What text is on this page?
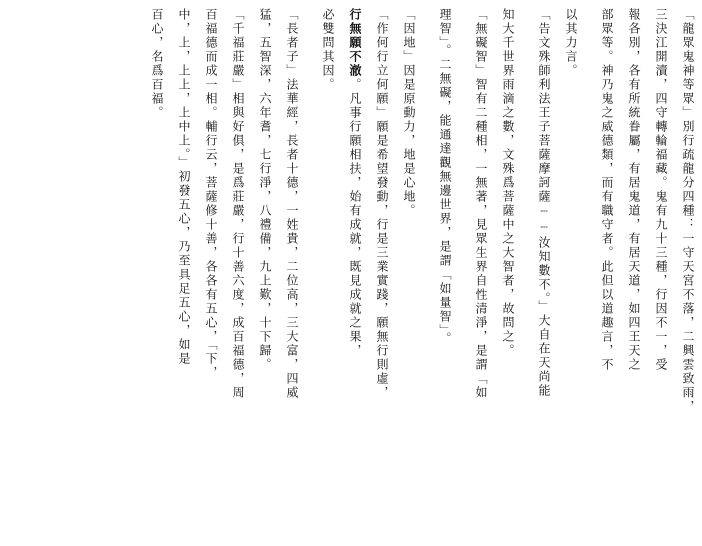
「龍眾鬼神等眾」別行疏龍分四種：一守天宮不落，二興雲致雨，
三決江開瀆，四守轉輪福藏。鬼有九十三種，行因不一，受
報各別，各有所統眷屬，有居鬼道，有居天道，如四王天之
部眾等。神乃鬼之威德類，而有職守者。此但以道趣言，不
以其力言。
「告文殊師利法王子菩薩摩訶薩┈┈汝知數不。」大自在天尚能
知大千世界雨滴之數，文殊爲菩薩中之大智者，故問之。
「無礙智」智有二種相，一無著，見眾生界自性清淨，是謂「如
理智」。二無礙，能通達觀無邊世界，是謂「如量智」。
「因地」因是原動力，地是心地。
「作何行立何願」願是希望發動，行是三業實踐，願無行則虛，
行無願不澈。凡事行願相扶，始有成就，既見成就之果，
必雙問其因。
「長者子」法華經，長者十德，一姓貴，二位高，三大富，四威
猛，五智深，六年耆，七行淨，八禮備，九上歎，十下歸。
「千福莊嚴」相與好俱，是爲莊嚴，行十善六度，成百福德，周
百福德而成一相。輔行云，菩薩修十善，各各有五心，「下，
中，上，上上，上中上。」初發五心，乃至具足五心，如是
百心，名爲百福。
